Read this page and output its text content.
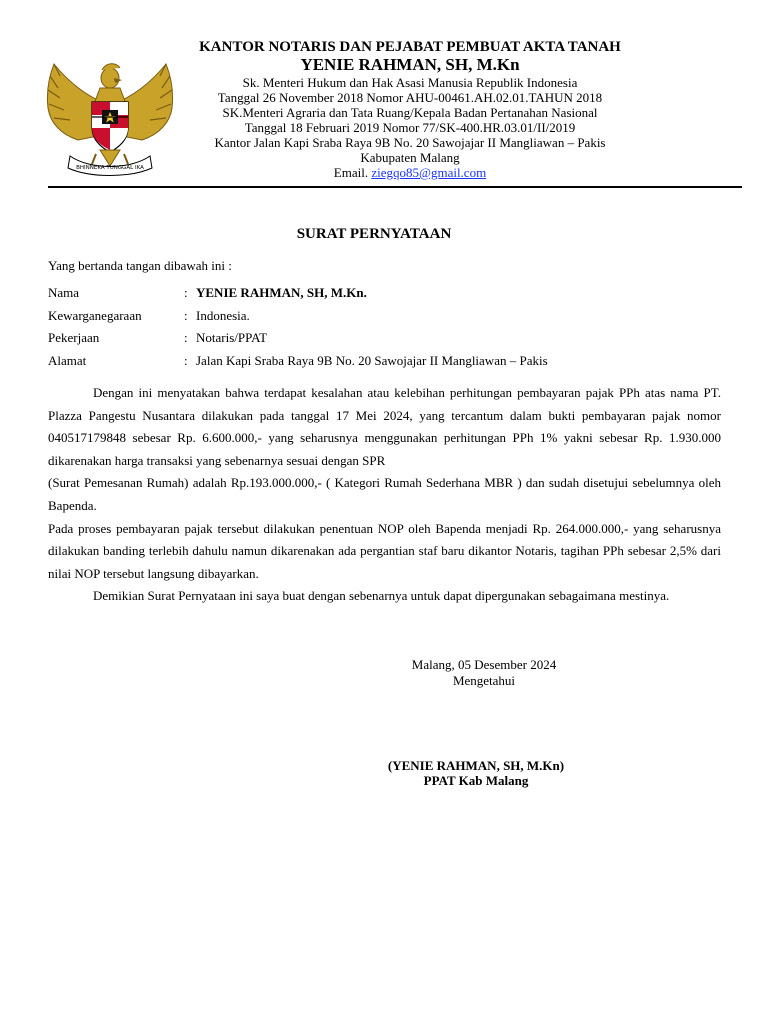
BHINNEKA TUNGGAL IKA
KANTOR NOTARIS DAN PEJABAT PEMBUAT AKTA TANAH
YENIE RAHMAN, SH, M.Kn
Sk. Menteri Hukum dan Hak Asasi Manusia Republik Indonesia
Tanggal 26 November 2018 Nomor AHU-00461.AH.02.01.TAHUN 2018
SK.Menteri Agraria dan Tata Ruang/Kepala Badan Pertanahan Nasional
Tanggal 18 Februari 2019 Nomor 77/SK-400.HR.03.01/II/2019
Kantor Jalan Kapi Sraba Raya 9B No. 20 Sawojajar II Mangliawan – Pakis
Kabupaten Malang
Email. ziegqo85@gmail.com
SURAT PERNYATAAN
Yang bertanda tangan dibawah ini :
Nama	:	YENIE RAHMAN, SH, M.Kn.
Kewarganegaraan	:	Indonesia.
Pekerjaan	:	Notaris/PPAT
Alamat	:	Jalan Kapi Sraba Raya 9B No. 20 Sawojajar II Mangliawan – Pakis

Dengan ini menyatakan bahwa terdapat kesalahan atau kelebihan perhitungan pembayaran pajak PPh atas nama PT. Plazza Pangestu Nusantara dilakukan pada tanggal 17 Mei 2024, yang tercantum dalam bukti pembayaran pajak nomor 040517179848 sebesar Rp. 6.600.000,- yang seharusnya menggunakan perhitungan PPh 1% yakni sebesar Rp. 1.930.000 dikarenakan harga transaksi yang sebenarnya sesuai dengan SPR

(Surat Pemesanan Rumah) adalah Rp.193.000.000,- ( Kategori Rumah Sederhana MBR ) dan sudah disetujui sebelumnya oleh Bapenda.

Pada proses pembayaran pajak tersebut dilakukan penentuan NOP oleh Bapenda menjadi Rp. 264.000.000,- yang seharusnya dilakukan banding terlebih dahulu namun dikarenakan ada pergantian staf baru dikantor Notaris, tagihan PPh sebesar 2,5% dari nilai NOP tersebut langsung dibayarkan.

Demikian Surat Pernyataan ini saya buat dengan sebenarnya untuk dapat dipergunakan sebagaimana mestinya.

Malang, 05 Desember 2024
Mengetahui
(YENIE RAHMAN, SH, M.Kn)
PPAT Kab Malang
